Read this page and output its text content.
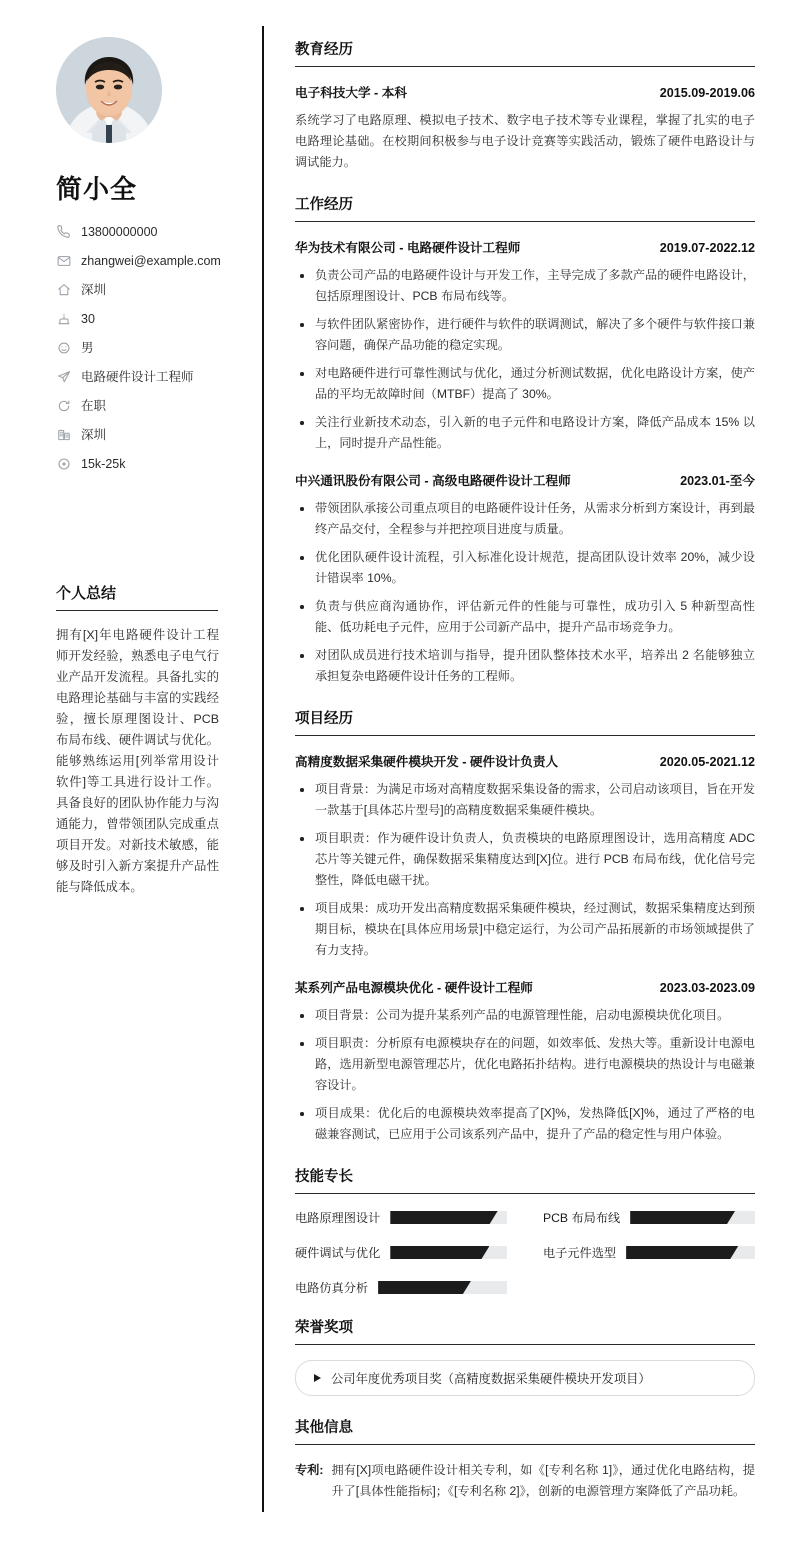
简小全
13800000000
zhangwei@example.com
深圳
30
男
电路硬件设计工程师
在职
深圳
15k-25k
个人总结

拥有[X]年电路硬件设计工程师开发经验，熟悉电子电气行业产品开发流程。具备扎实的电路理论基础与丰富的实践经验，擅长原理图设计、PCB 布局布线、硬件调试与优化。能够熟练运用[列举常用设计软件]等工具进行设计工作。具备良好的团队协作能力与沟通能力，曾带领团队完成重点项目开发。对新技术敏感，能够及时引入新方案提升产品性能与降低成本。

教育经历
电子科技大学 - 本科	2015.09-2019.06

系统学习了电路原理、模拟电子技术、数字电子技术等专业课程，掌握了扎实的电子电路理论基础。在校期间积极参与电子设计竞赛等实践活动，锻炼了硬件电路设计与调试能力。

工作经历
华为技术有限公司 - 电路硬件设计工程师	2019.07-2022.12
负责公司产品的电路硬件设计与开发工作，主导完成了多款产品的硬件电路设计，包括原理图设计、PCB 布局布线等。
与软件团队紧密协作，进行硬件与软件的联调测试，解决了多个硬件与软件接口兼容问题，确保产品功能的稳定实现。
对电路硬件进行可靠性测试与优化，通过分析测试数据，优化电路设计方案，使产品的平均无故障时间（MTBF）提高了 30%。
关注行业新技术动态，引入新的电子元件和电路设计方案，降低产品成本 15% 以上，同时提升产品性能。
中兴通讯股份有限公司 - 高级电路硬件设计工程师	2023.01-至今
带领团队承接公司重点项目的电路硬件设计任务，从需求分析到方案设计，再到最终产品交付，全程参与并把控项目进度与质量。
优化团队硬件设计流程，引入标准化设计规范，提高团队设计效率 20%，减少设计错误率 10%。
负责与供应商沟通协作，评估新元件的性能与可靠性，成功引入 5 种新型高性能、低功耗电子元件，应用于公司新产品中，提升产品市场竞争力。
对团队成员进行技术培训与指导，提升团队整体技术水平，培养出 2 名能够独立承担复杂电路硬件设计任务的工程师。
项目经历
高精度数据采集硬件模块开发 - 硬件设计负责人	2020.05-2021.12
项目背景：为满足市场对高精度数据采集设备的需求，公司启动该项目，旨在开发一款基于[具体芯片型号]的高精度数据采集硬件模块。
项目职责：作为硬件设计负责人，负责模块的电路原理图设计，选用高精度 ADC 芯片等关键元件，确保数据采集精度达到[X]位。进行 PCB 布局布线，优化信号完整性，降低电磁干扰。
项目成果：成功开发出高精度数据采集硬件模块，经过测试，数据采集精度达到预期目标，模块在[具体应用场景]中稳定运行，为公司产品拓展新的市场领域提供了有力支持。
某系列产品电源模块优化 - 硬件设计工程师	2023.03-2023.09
项目背景：公司为提升某系列产品的电源管理性能，启动电源模块优化项目。
项目职责：分析原有电源模块存在的问题，如效率低、发热大等。重新设计电源电路，选用新型电源管理芯片，优化电路拓扑结构。进行电源模块的热设计与电磁兼容设计。
项目成果：优化后的电源模块效率提高了[X]%，发热降低[X]%，通过了严格的电磁兼容测试，已应用于公司该系列产品中，提升了产品的稳定性与用户体验。
技能专长
电路原理图设计	PCB 布局布线
硬件调试与优化	电子元件选型
电路仿真分析
荣誉奖项
公司年度优秀项目奖（高精度数据采集硬件模块开发项目）
其他信息
专利: 拥有[X]项电路硬件设计相关专利，如《[专利名称 1]》，通过优化电路结构，提升了[具体性能指标]；《[专利名称 2]》，创新的电源管理方案降低了产品功耗。
